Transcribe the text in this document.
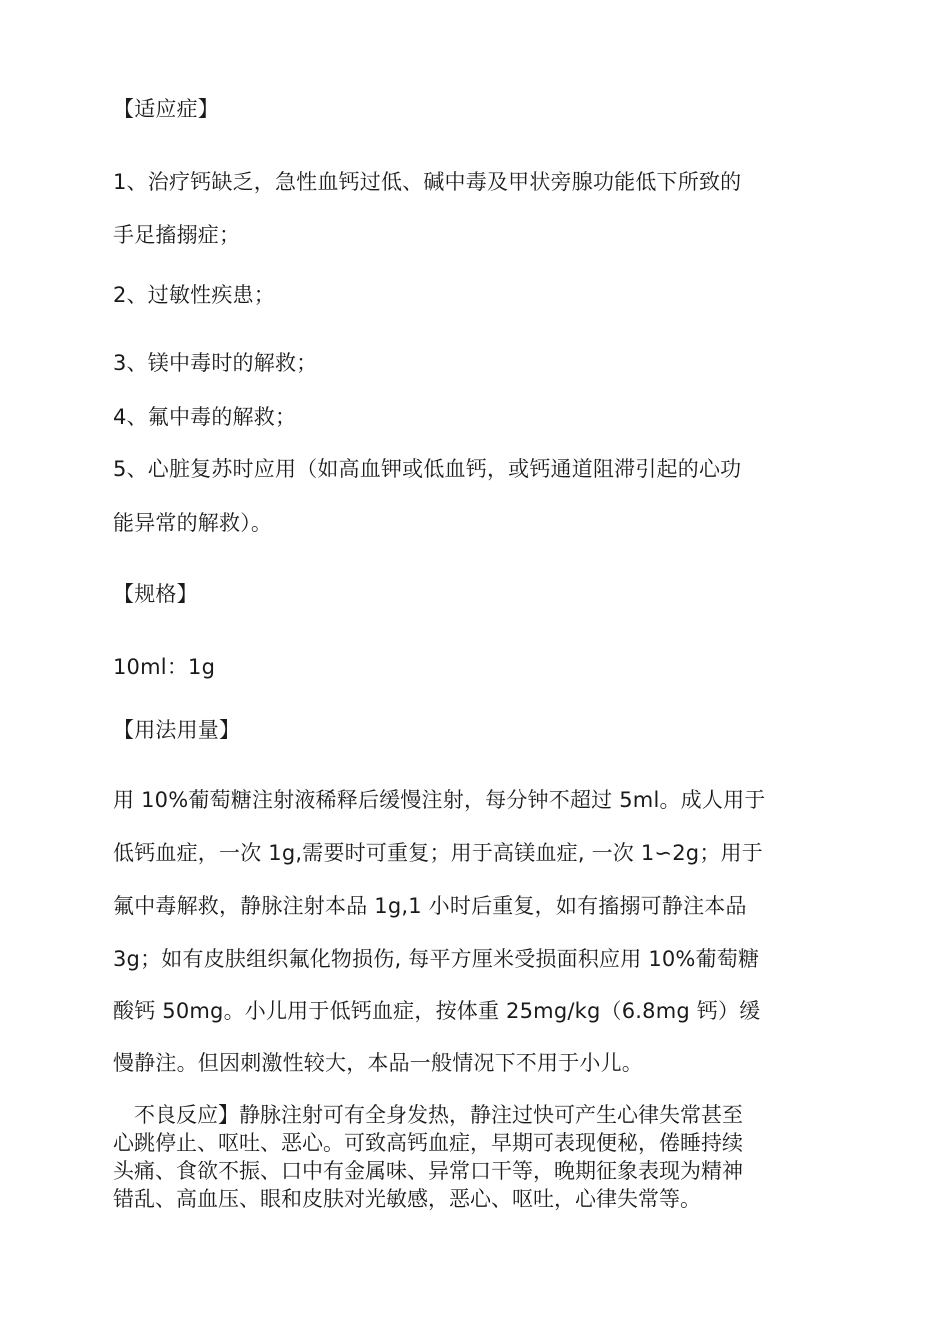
【适应症】
1、治疗钙缺乏，急性血钙过低、碱中毒及甲状旁腺功能低下所致的
手足搐搦症；
2、过敏性疾患；
3、镁中毒时的解救；
4、氟中毒的解救；
5、心脏复苏时应用（如高血钾或低血钙，或钙通道阻滞引起的心功
能异常的解救）。
【规格】
10ml：1g
【用法用量】
用 10%葡萄糖注射液稀释后缓慢注射，每分钟不超过 5ml。成人用于
低钙血症，一次 1g,需要时可重复；用于高镁血症, 一次 1∽2g；用于
氟中毒解救，静脉注射本品 1g,1 小时后重复，如有搐搦可静注本品
3g；如有皮肤组织氟化物损伤, 每平方厘米受损面积应用 10%葡萄糖
酸钙 50mg。小儿用于低钙血症，按体重 25mg/kg（6.8mg 钙）缓
慢静注。但因刺激性较大，本品一般情况下不用于小儿。
　不良反应】静脉注射可有全身发热，静注过快可产生心律失常甚至
心跳停止、呕吐、恶心。可致高钙血症，早期可表现便秘，倦睡持续
头痛、食欲不振、口中有金属味、异常口干等，晚期征象表现为精神
错乱、高血压、眼和皮肤对光敏感，恶心、呕吐，心律失常等。
